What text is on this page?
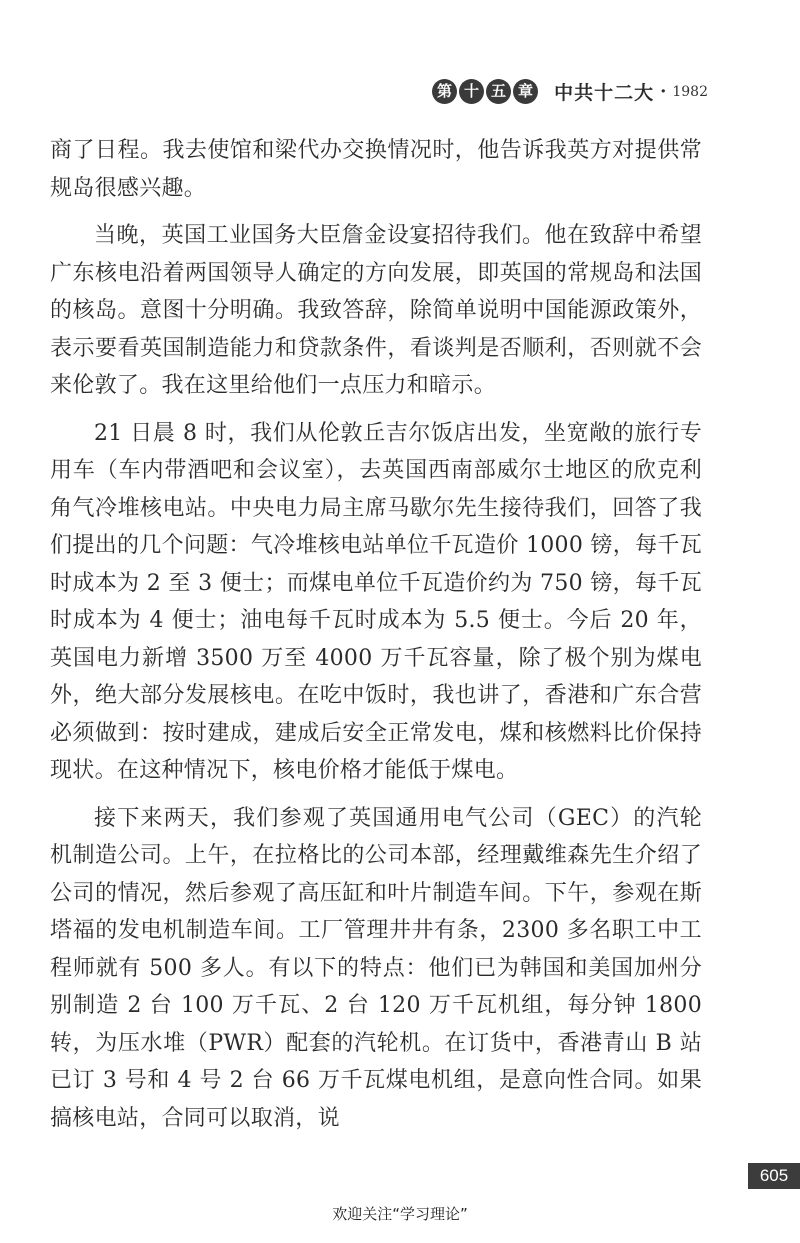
第 十 五 章 中共十二大 · 1982

商了日程。我去使馆和梁代办交换情况时，他告诉我英方对提供常规岛很感兴趣。

当晚，英国工业国务大臣詹金设宴招待我们。他在致辞中希望广东核电沿着两国领导人确定的方向发展，即英国的常规岛和法国的核岛。意图十分明确。我致答辞，除简单说明中国能源政策外，表示要看英国制造能力和贷款条件，看谈判是否顺利，否则就不会来伦敦了。我在这里给他们一点压力和暗示。

21 日晨 8 时，我们从伦敦丘吉尔饭店出发，坐宽敞的旅行专用车（车内带酒吧和会议室），去英国西南部威尔士地区的欣克利角气冷堆核电站。中央电力局主席马歇尔先生接待我们，回答了我们提出的几个问题：气冷堆核电站单位千瓦造价 1000 镑，每千瓦时成本为 2 至 3 便士；而煤电单位千瓦造价约为 750 镑，每千瓦时成本为 4 便士；油电每千瓦时成本为 5.5 便士。今后 20 年，英国电力新增 3500 万至 4000 万千瓦容量，除了极个别为煤电外，绝大部分发展核电。在吃中饭时，我也讲了，香港和广东合营必须做到：按时建成，建成后安全正常发电，煤和核燃料比价保持现状。在这种情况下，核电价格才能低于煤电。

接下来两天，我们参观了英国通用电气公司（GEC）的汽轮机制造公司。上午，在拉格比的公司本部，经理戴维森先生介绍了公司的情况，然后参观了高压缸和叶片制造车间。下午，参观在斯塔福的发电机制造车间。工厂管理井井有条，2300 多名职工中工程师就有 500 多人。有以下的特点：他们已为韩国和美国加州分别制造 2 台 100 万千瓦、2 台 120 万千瓦机组，每分钟 1800 转，为压水堆（PWR）配套的汽轮机。在订货中，香港青山 B 站已订 3 号和 4 号 2 台 66 万千瓦煤电机组，是意向性合同。如果搞核电站，合同可以取消，说

605
欢迎关注“学习理论”
